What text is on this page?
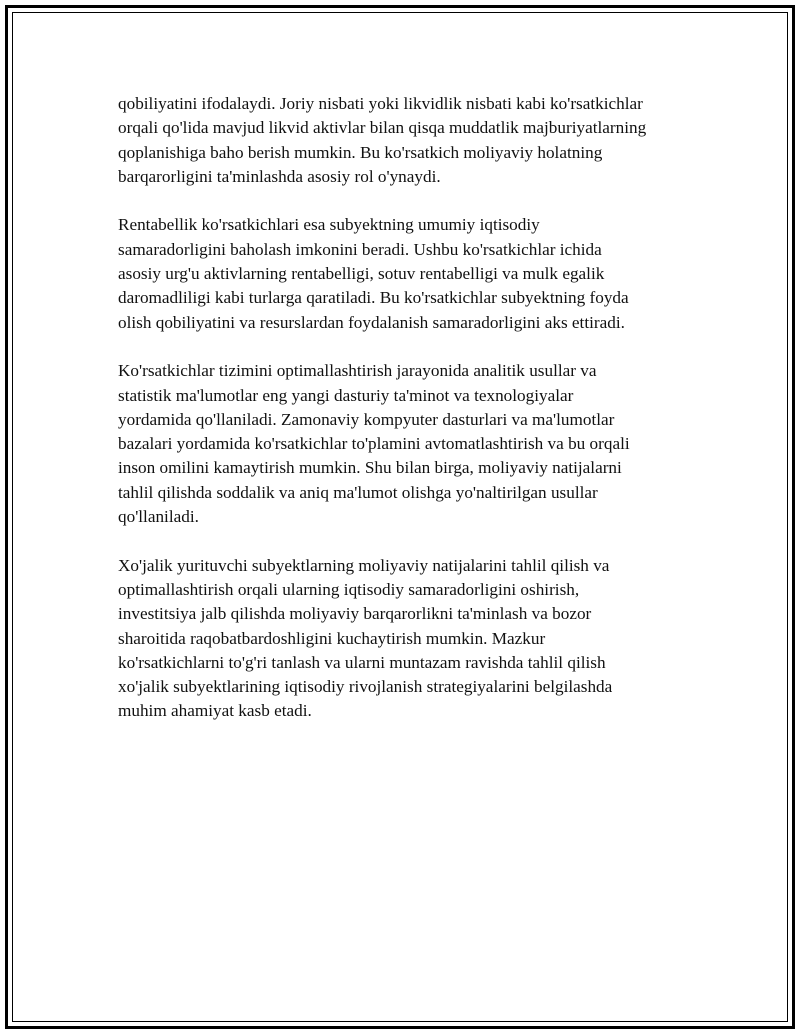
qobiliyatini ifodalaydi. Joriy nisbati yoki likvidlik nisbati kabi ko'rsatkichlar
orqali qo'lida mavjud likvid aktivlar bilan qisqa muddatlik majburiyatlarning
qoplanishiga baho berish mumkin. Bu ko'rsatkich moliyaviy holatning
barqarorligini ta'minlashda asosiy rol o'ynaydi.

Rentabellik ko'rsatkichlari esa subyektning umumiy iqtisodiy
samaradorligini baholash imkonini beradi. Ushbu ko'rsatkichlar ichida
asosiy urg'u aktivlarning rentabelligi, sotuv rentabelligi va mulk egalik
daromadliligi kabi turlarga qaratiladi. Bu ko'rsatkichlar subyektning foyda
olish qobiliyatini va resurslardan foydalanish samaradorligini aks ettiradi.

Ko'rsatkichlar tizimini optimallashtirish jarayonida analitik usullar va
statistik ma'lumotlar eng yangi dasturiy ta'minot va texnologiyalar
yordamida qo'llaniladi. Zamonaviy kompyuter dasturlari va ma'lumotlar
bazalari yordamida ko'rsatkichlar to'plamini avtomatlashtirish va bu orqali
inson omilini kamaytirish mumkin. Shu bilan birga, moliyaviy natijalarni
tahlil qilishda soddalik va aniq ma'lumot olishga yo'naltirilgan usullar
qo'llaniladi.

Xo'jalik yurituvchi subyektlarning moliyaviy natijalarini tahlil qilish va
optimallashtirish orqali ularning iqtisodiy samaradorligini oshirish,
investitsiya jalb qilishda moliyaviy barqarorlikni ta'minlash va bozor
sharoitida raqobatbardoshligini kuchaytirish mumkin. Mazkur
ko'rsatkichlarni to'g'ri tanlash va ularni muntazam ravishda tahlil qilish
xo'jalik subyektlarining iqtisodiy rivojlanish strategiyalarini belgilashda
muhim ahamiyat kasb etadi.
